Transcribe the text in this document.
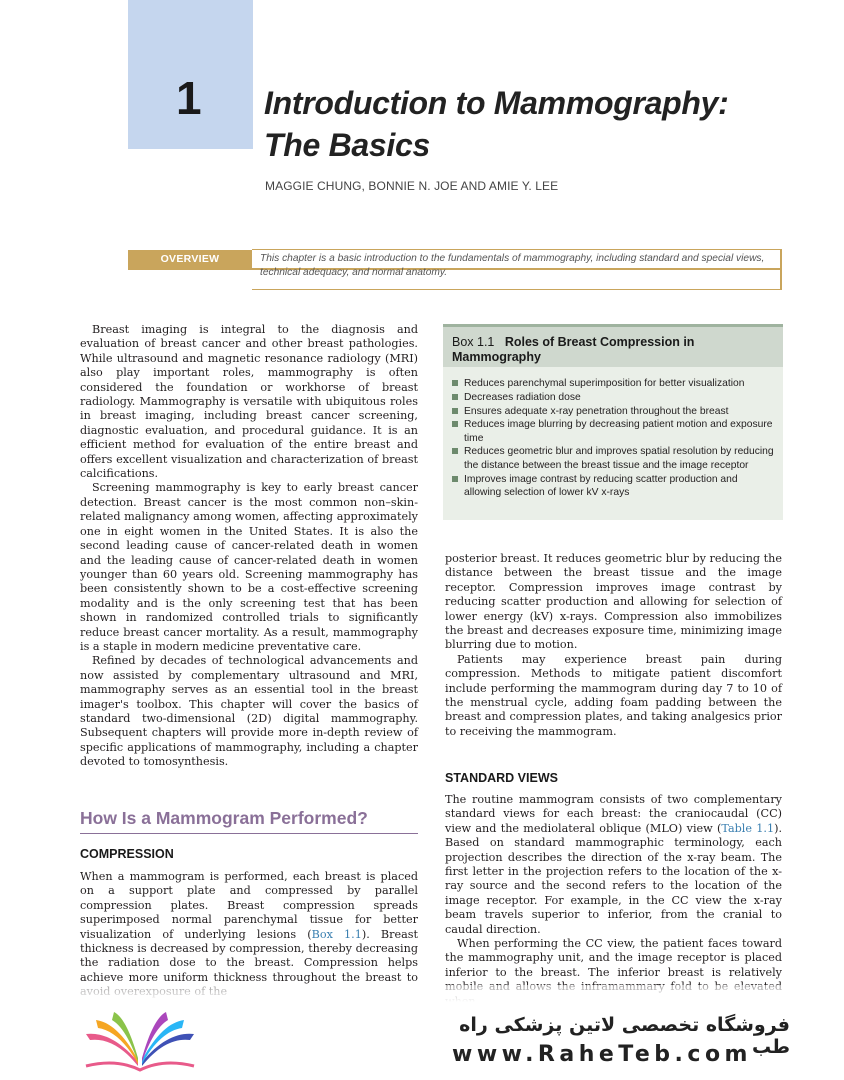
1	Introduction to Mammography:
The Basics
MAGGIE CHUNG, BONNIE N. JOE AND AMIE Y. LEE
OVERVIEW	This chapter is a basic introduction to the fundamentals of mammography, including standard and special views, technical adequacy, and normal anatomy.

Breast imaging is integral to the diagnosis and evaluation of breast cancer and other breast pathologies. While ultrasound and magnetic resonance radiology (MRI) also play important roles, mammography is often considered the foundation or workhorse of breast radiology. Mammography is versatile with ubiquitous roles in breast imaging, including breast cancer screening, diagnostic evaluation, and procedural guidance. It is an efficient method for evaluation of the entire breast and offers excellent visualization and characterization of breast calcifications.

Screening mammography is key to early breast cancer detection. Breast cancer is the most common non–skin-related malignancy among women, affecting approximately one in eight women in the United States. It is also the second leading cause of cancer-related death in women and the leading cause of cancer-related death in women younger than 60 years old. Screening mammography has been consistently shown to be a cost-effective screening modality and is the only screening test that has been shown in randomized controlled trials to significantly reduce breast cancer mortality. As a result, mammography is a staple in modern medicine preventative care.

Refined by decades of technological advancements and now assisted by complementary ultrasound and MRI, mammography serves as an essential tool in the breast imager's toolbox. This chapter will cover the basics of standard two-dimensional (2D) digital mammography. Subsequent chapters will provide more in-depth review of specific applications of mammography, including a chapter devoted to tomosynthesis.

How Is a Mammogram Performed?
COMPRESSION

When a mammogram is performed, each breast is placed on a support plate and compressed by parallel compression plates. Breast compression spreads superimposed normal parenchymal tissue for better visualization of underlying lesions (Box 1.1). Breast thickness is decreased by compression, thereby decreasing the radiation dose to the breast. Compression helps achieve more uniform thickness throughout the breast to

Box 1.1 Roles of Breast Compression in Mammography
Reduces parenchymal superimposition for better visualization
Decreases radiation dose
Ensures adequate x-ray penetration throughout the breast
Reduces image blurring by decreasing patient motion and exposure time
Reduces geometric blur and improves spatial resolution by reducing the distance between the breast tissue and the image receptor
Improves image contrast by reducing scatter production and allowing selection of lower kV x-rays

posterior breast. It reduces geometric blur by reducing the distance between the breast tissue and the image receptor. Compression improves image contrast by reducing scatter production and allowing for selection of lower energy (kV) x-rays. Compression also immobilizes the breast and decreases exposure time, minimizing image blurring due to motion.

Patients may experience breast pain during compression. Methods to mitigate patient discomfort include performing the mammogram during day 7 to 10 of the menstrual cycle, adding foam padding between the breast and compression plates, and taking analgesics prior to receiving the mammogram.

STANDARD VIEWS

The routine mammogram consists of two complementary standard views for each breast: the craniocaudal (CC) view and the mediolateral oblique (MLO) view (Table 1.1). Based on standard mammographic terminology, each projection describes the direction of the x-ray beam. The first letter in the projection refers to the location of the x-ray source and the second refers to the location of the image receptor. For example, in the CC view the x-ray beam travels superior to inferior, from the cranial to caudal direction.

When performing the CC view, the patient faces toward the mammography unit, and the image receptor is placed inferior to the breast. The inferior breast is relatively

فروشگاه تخصصی لاتین پزشکی راه طب
www.RaheTeb.com
